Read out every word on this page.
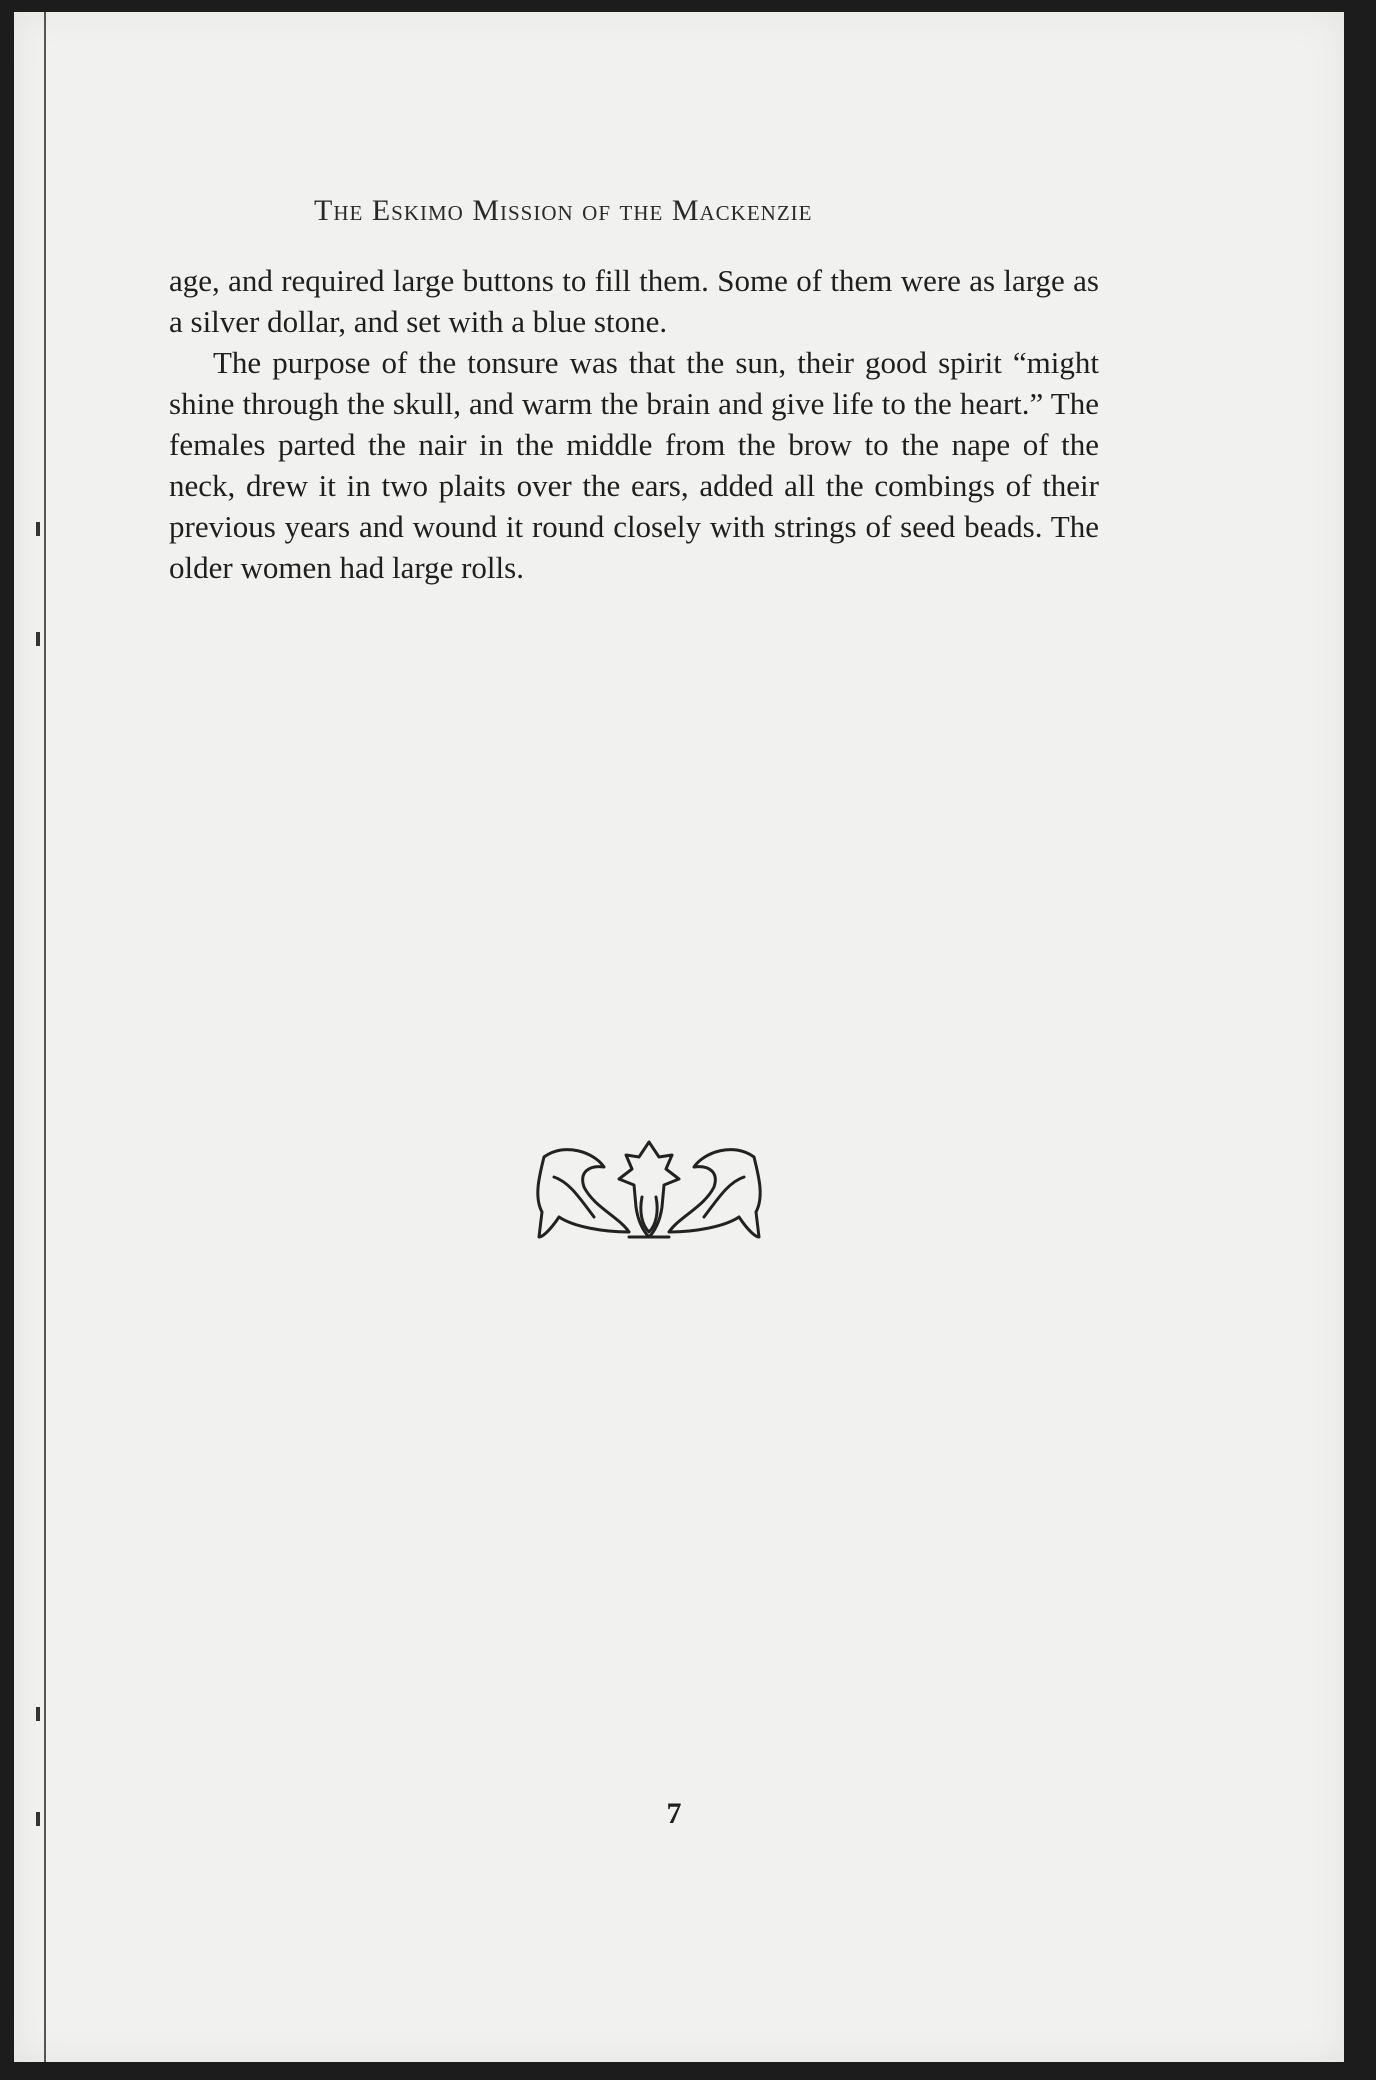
The Eskimo Mission of the Mackenzie

age, and required large buttons to fill them. Some of them were as large as a silver dollar, and set with a blue stone.

The purpose of the tonsure was that the sun, their good spirit “might shine through the skull, and warm the brain and give life to the heart.” The females parted the nair in the middle from the brow to the nape of the neck, drew it in two plaits over the ears, added all the combings of their previous years and wound it round closely with strings of seed beads. The older women had large rolls.

7
